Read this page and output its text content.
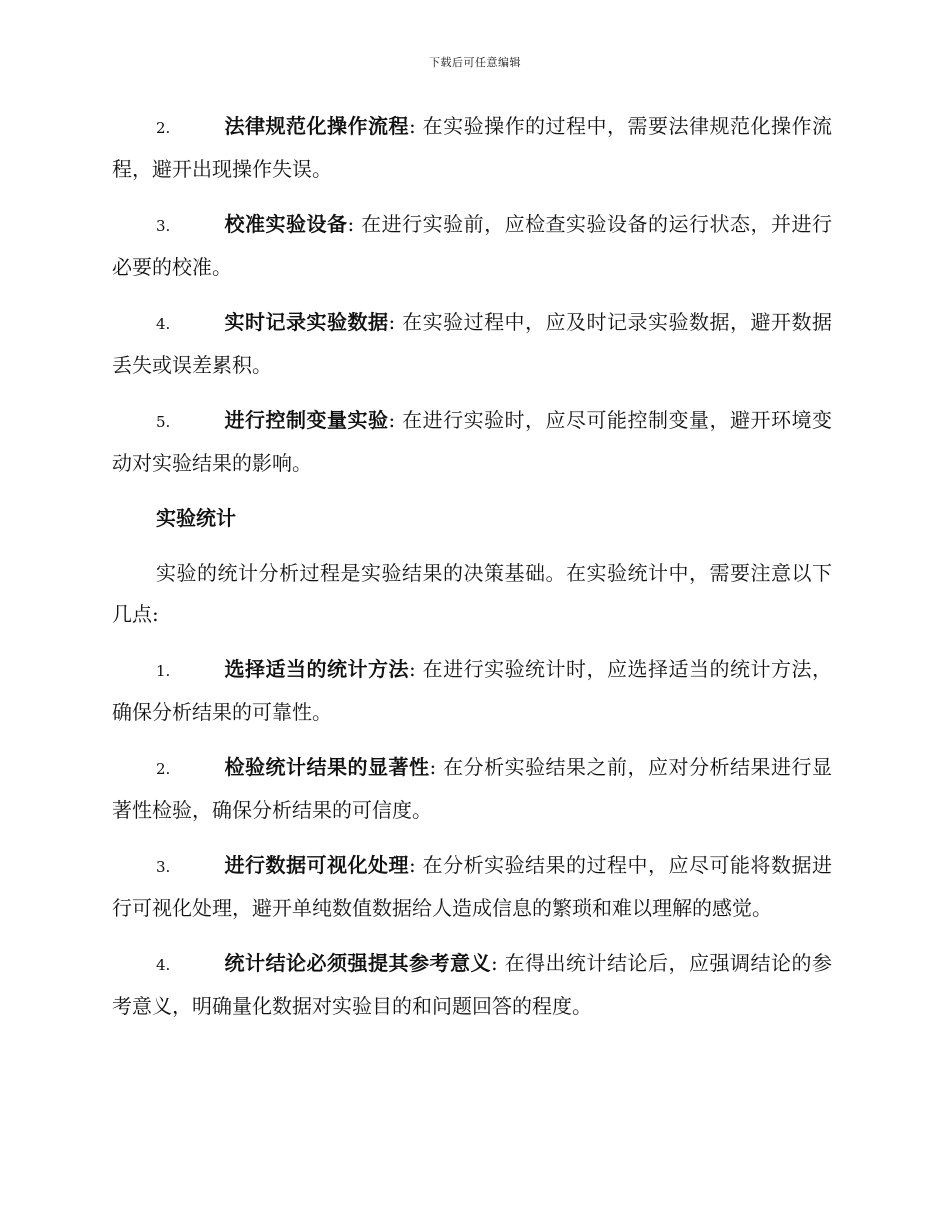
下载后可任意编辑

2.	法律规范化操作流程: 在实验操作的过程中，需要法律规范化操作流程，避开出现操作失误。

3.	校准实验设备: 在进行实验前，应检查实验设备的运行状态，并进行必要的校准。

4.	实时记录实验数据: 在实验过程中，应及时记录实验数据，避开数据丢失或误差累积。

5.	进行控制变量实验: 在进行实验时，应尽可能控制变量，避开环境变动对实验结果的影响。

实验统计

实验的统计分析过程是实验结果的决策基础。在实验统计中，需要注意以下几点:

1.	选择适当的统计方法: 在进行实验统计时，应选择适当的统计方法，确保分析结果的可靠性。

2.	检验统计结果的显著性: 在分析实验结果之前，应对分析结果进行显著性检验，确保分析结果的可信度。

3.	进行数据可视化处理: 在分析实验结果的过程中，应尽可能将数据进行可视化处理，避开单纯数值数据给人造成信息的繁琐和难以理解的感觉。

4.	统计结论必须强提其参考意义: 在得出统计结论后，应强调结论的参考意义，明确量化数据对实验目的和问题回答的程度。
